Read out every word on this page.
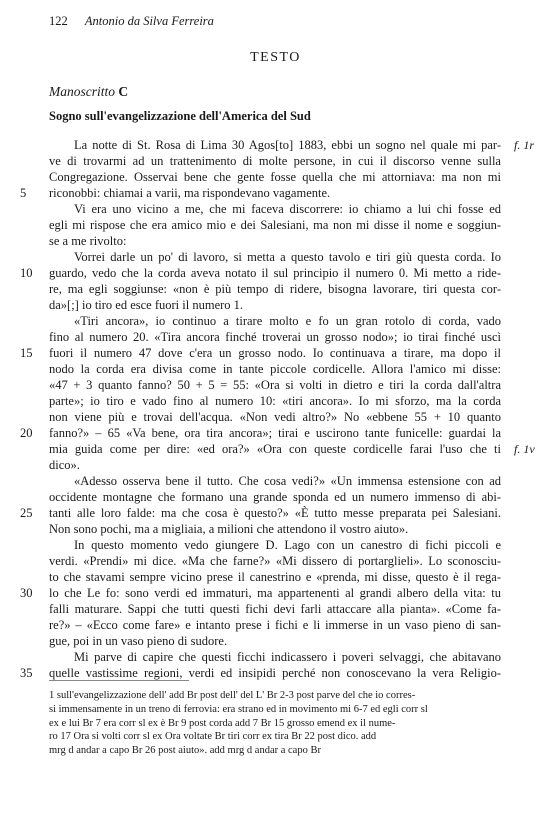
122 Antonio da Silva Ferreira
TESTO
Manoscritto C
Sogno sull'evangelizzazione dell'America del Sud
La notte di St. Rosa di Lima 30 Agos[to] 1883, ebbi un sogno nel quale mi par-
ve di trovarmi ad un trattenimento di molte persone, in cui il discorso venne sulla
Congregazione. Osservai bene che gente fosse quella che mi attorniava: ma non mi
riconobbi: chiamai a varii, ma rispondevano vagamente.
Vi era uno vicino a me, che mi faceva discorrere: io chiamo a lui chi fosse ed
egli mi rispose che era amico mio e dei Salesiani, ma non mi disse il nome e soggiun-
se a me rivolto:
Vorrei darle un po' di lavoro, si metta a questo tavolo e tiri giù questa corda. Io
guardo, vedo che la corda aveva notato il sul principio il numero 0. Mi metto a ride-
re, ma egli soggiunse: «non è più tempo di ridere, bisogna lavorare, tiri questa cor-
da»[;] io tiro ed esce fuori il numero 1.
«Tiri ancora», io continuo a tirare molto e fo un gran rotolo di corda, vado
fino al numero 20. «Tira ancora finché troverai un grosso nodo»; io tirai finché uscì
fuori il numero 47 dove c'era un grosso nodo. Io continuava a tirare, ma dopo il
nodo la corda era divisa come in tante piccole cordicelle. Allora l'amico mi disse:
«47 + 3 quanto fanno? 50 + 5 = 55: «Ora si volti in dietro e tiri la corda dall'altra
parte»; io tiro e vado fino al numero 10: «tiri ancora». Io mi sforzo, ma la corda
non viene più e trovai dell'acqua. «Non vedi altro?» No «ebbene 55 + 10 quanto
fanno?» – 65 «Va bene, ora tira ancora»; tirai e uscirono tante funicelle: guardai la
mia guida come per dire: «ed ora?» «Ora con queste cordicelle farai l'uso che ti
dico».
«Adesso osserva bene il tutto. Che cosa vedi?» «Un immensa estensione con ad
occidente montagne che formano una grande sponda ed un numero immenso di abi-
tanti alle loro falde: ma che cosa è questo?» «È tutto messe preparata pei Salesiani.
Non sono pochi, ma a migliaia, a milioni che attendono il vostro aiuto».
In questo momento vedo giungere D. Lago con un canestro di fichi piccoli e
verdi. «Prendi» mi dice. «Ma che farne?» «Mi dissero di portarglieli». Lo sconosciu-
to che stavami sempre vicino prese il canestrino e «prenda, mi disse, questo è il rega-
lo che Le fo: sono verdi ed immaturi, ma appartenenti al grandi albero della vita: tu
falli maturare. Sappi che tutti questi fichi devi farli attaccare alla pianta». «Come fa-
re?» – «Ecco come fare» e intanto prese i fichi e li immerse in un vaso pieno di san-
gue, poi in un vaso pieno di sudore.
Mi parve di capire che questi ficchi indicassero i poveri selvaggi, che abitavano
quelle vastissime regioni, verdi ed insipidi perché non conoscevano la vera Religio-
5
10
15
20
25
30
35
f. 1r
f. 1v
1 sull'evangelizzazione dell' add Br post dell' del L' Br 2-3 post parve del che io corres-
si immensamente in un treno di ferrovia: era strano ed in movimento mi 6-7 ed egli corr sl
ex e lui Br 7 era corr sl ex è Br 9 post corda add 7 Br 15 grosso emend ex il nume-
ro 17 Ora si volti corr sl ex Ora voltate Br tiri corr ex tira Br 22 post dico. add
mrg d andar a capo Br 26 post aiuto». add mrg d andar a capo Br
